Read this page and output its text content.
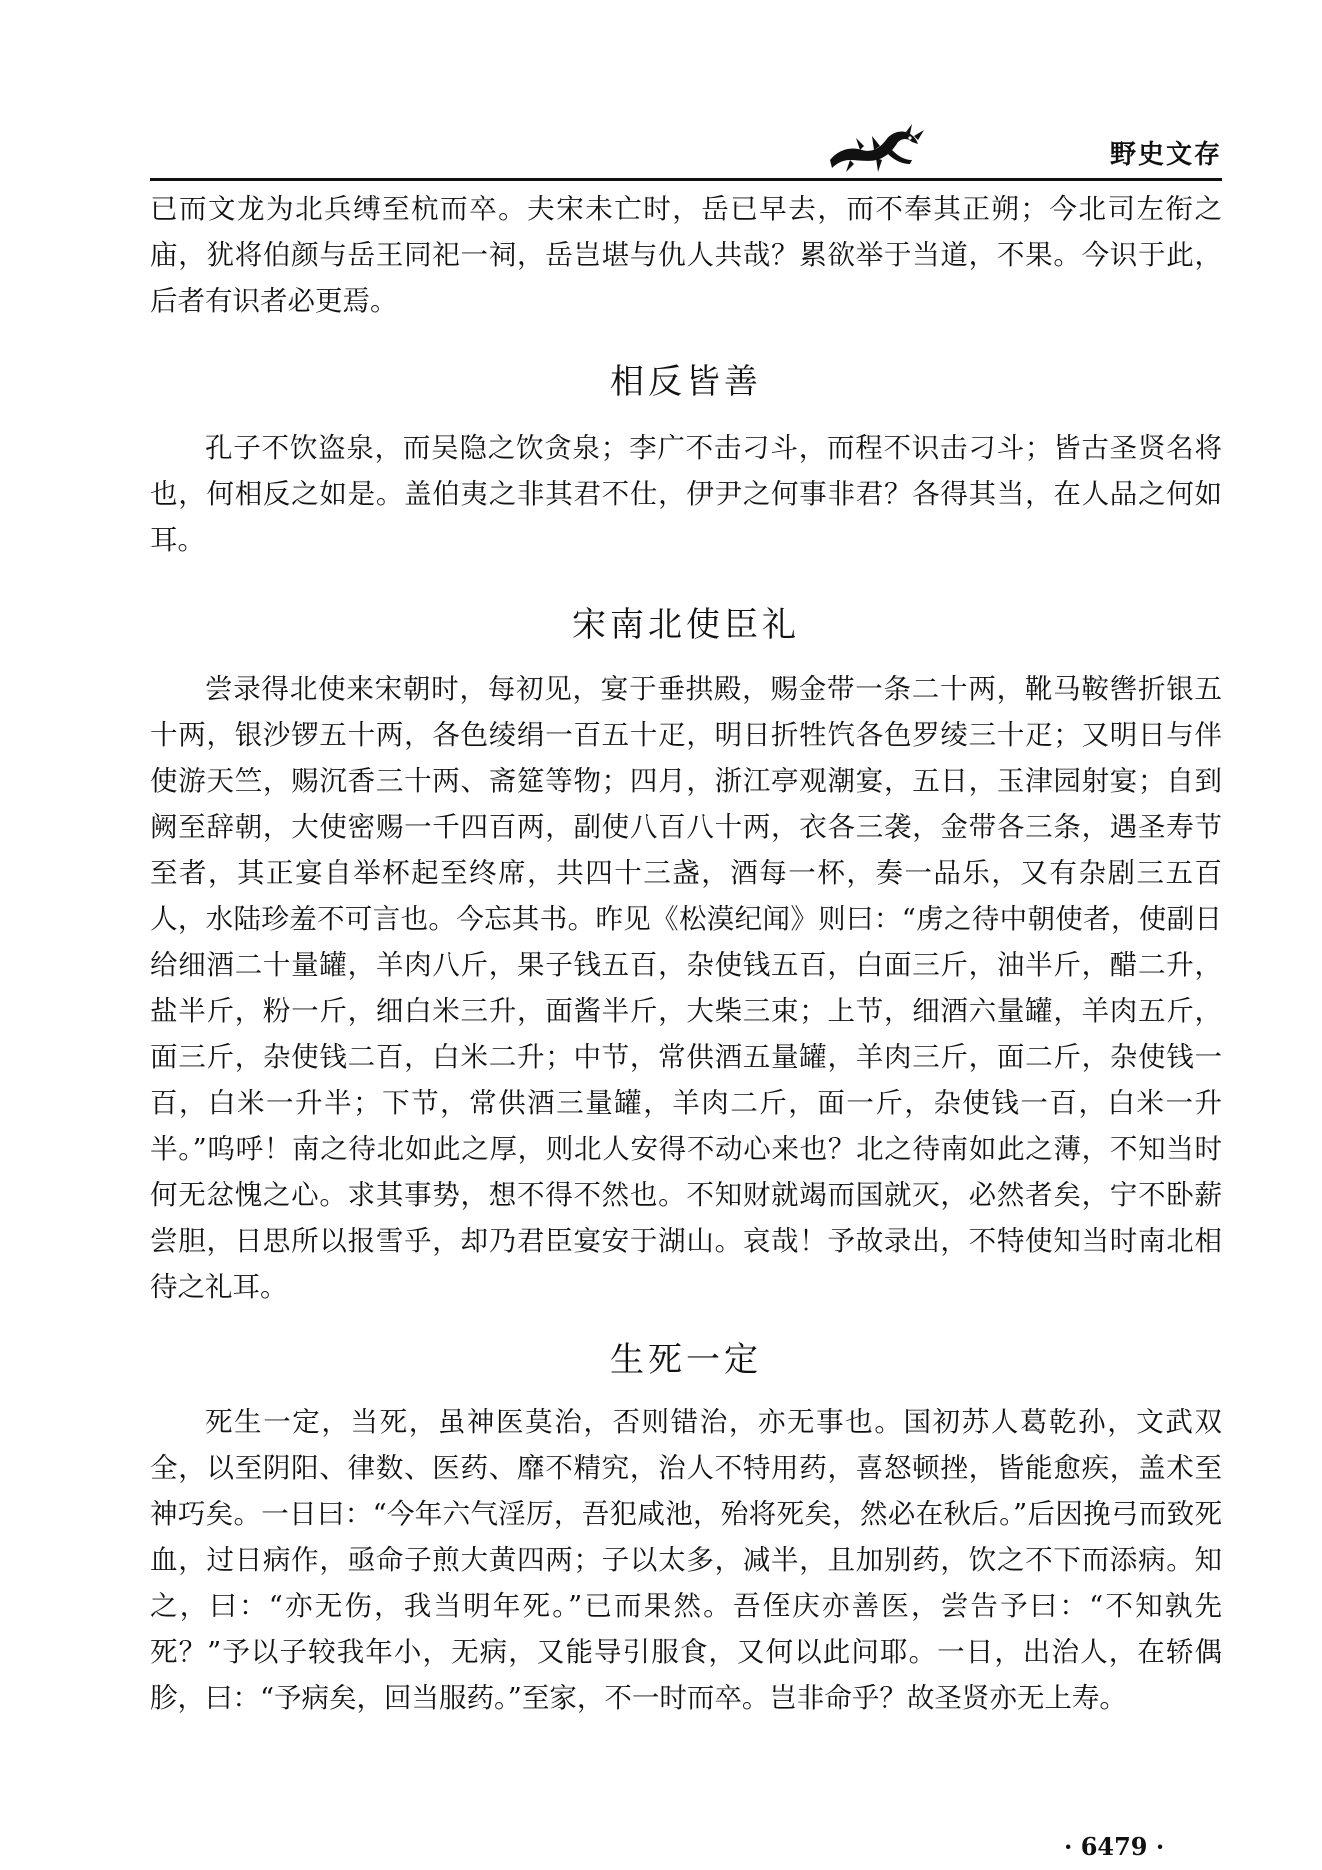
野史文存

已而文龙为北兵缚至杭而卒。夫宋未亡时，岳已早去，而不奉其正朔；今北司左衔之庙，犹将伯颜与岳王同祀一祠，岳岂堪与仇人共哉？累欲举于当道，不果。今识于此，后者有识者必更焉。

相反皆善

孔子不饮盗泉，而吴隐之饮贪泉；李广不击刁斗，而程不识击刁斗；皆古圣贤名将也，何相反之如是。盖伯夷之非其君不仕，伊尹之何事非君？各得其当，在人品之何如耳。

宋南北使臣礼

尝录得北使来宋朝时，每初见，宴于垂拱殿，赐金带一条二十两，靴马鞍辔折银五十两，银沙锣五十两，各色绫绢一百五十疋，明日折牲饩各色罗绫三十疋；又明日与伴使游天竺，赐沉香三十两、斋筵等物；四月，浙江亭观潮宴，五日，玉津园射宴；自到阙至辞朝，大使密赐一千四百两，副使八百八十两，衣各三袭，金带各三条，遇圣寿节至者，其正宴自举杯起至终席，共四十三盏，酒每一杯，奏一品乐，又有杂剧三五百人，水陆珍羞不可言也。今忘其书。昨见《松漠纪闻》则曰：“虏之待中朝使者，使副日给细酒二十量罐，羊肉八斤，果子钱五百，杂使钱五百，白面三斤，油半斤，醋二升，盐半斤，粉一斤，细白米三升，面酱半斤，大柴三束；上节，细酒六量罐，羊肉五斤，面三斤，杂使钱二百，白米二升；中节，常供酒五量罐，羊肉三斤，面二斤，杂使钱一百，白米一升半；下节，常供酒三量罐，羊肉二斤，面一斤，杂使钱一百，白米一升半。”呜呼！南之待北如此之厚，则北人安得不动心来也？北之待南如此之薄，不知当时何无忿愧之心。求其事势，想不得不然也。不知财就竭而国就灭，必然者矣，宁不卧薪尝胆，日思所以报雪乎，却乃君臣宴安于湖山。哀哉！予故录出，不特使知当时南北相待之礼耳。

生死一定

死生一定，当死，虽神医莫治，否则错治，亦无事也。国初苏人葛乾孙，文武双全，以至阴阳、律数、医药、靡不精究，治人不特用药，喜怒顿挫，皆能愈疾，盖术至神巧矣。一日曰：“今年六气淫厉，吾犯咸池，殆将死矣，然必在秋后。”后因挽弓而致死血，过日病作，亟命子煎大黄四两；子以太多，减半，且加别药，饮之不下而添病。知之，曰：“亦无伤，我当明年死。”已而果然。吾侄庆亦善医，尝告予曰：“不知孰先死？”予以子较我年小，无病，又能导引服食，又何以此问耶。一日，出治人，在轿偶胗，曰：“予病矣，回当服药。”至家，不一时而卒。岂非命乎？故圣贤亦无上寿。

· 6479 ·
